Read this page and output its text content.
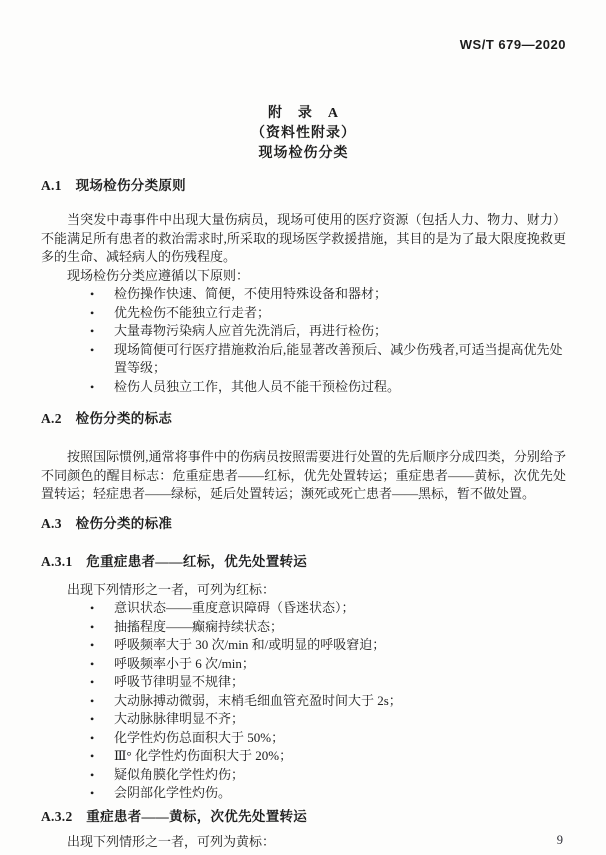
WS/T 679—2020
附　录　A
（资料性附录）
现场检伤分类
A.1　现场检伤分类原则

当突发中毒事件中出现大量伤病员，现场可使用的医疗资源（包括人力、物力、财力）不能满足所有患者的救治需求时,所采取的现场医学救援措施，其目的是为了最大限度挽救更多的生命、减轻病人的伤残程度。

现场检伤分类应遵循以下原则：

•	检伤操作快速、简便，不使用特殊设备和器材；
•	优先检伤不能独立行走者；
•	大量毒物污染病人应首先洗消后，再进行检伤；
•	现场简便可行医疗措施救治后,能显著改善预后、减少伤残者,可适当提高优先处置等级；
•	检伤人员独立工作，其他人员不能干预检伤过程。
A.2　检伤分类的标志

按照国际惯例,通常将事件中的伤病员按照需要进行处置的先后顺序分成四类，分别给予不同颜色的醒目标志：危重症患者——红标，优先处置转运；重症患者——黄标，次优先处置转运；轻症患者——绿标，延后处置转运；濒死或死亡患者——黑标，暂不做处置。

A.3　检伤分类的标准
A.3.1　危重症患者——红标，优先处置转运

出现下列情形之一者，可列为红标：

•	意识状态——重度意识障碍（昏迷状态）；
•	抽搐程度——癫痫持续状态；
•	呼吸频率大于 30 次/min 和/或明显的呼吸窘迫；
•	呼吸频率小于 6 次/min；
•	呼吸节律明显不规律；
•	大动脉搏动微弱，末梢毛细血管充盈时间大于 2s；
•	大动脉脉律明显不齐；
•	化学性灼伤总面积大于 50%；
•	Ⅲ° 化学性灼伤面积大于 20%；
•	疑似角膜化学性灼伤；
•	会阴部化学性灼伤。
A.3.2　重症患者——黄标，次优先处置转运

出现下列情形之一者，可列为黄标：	9
